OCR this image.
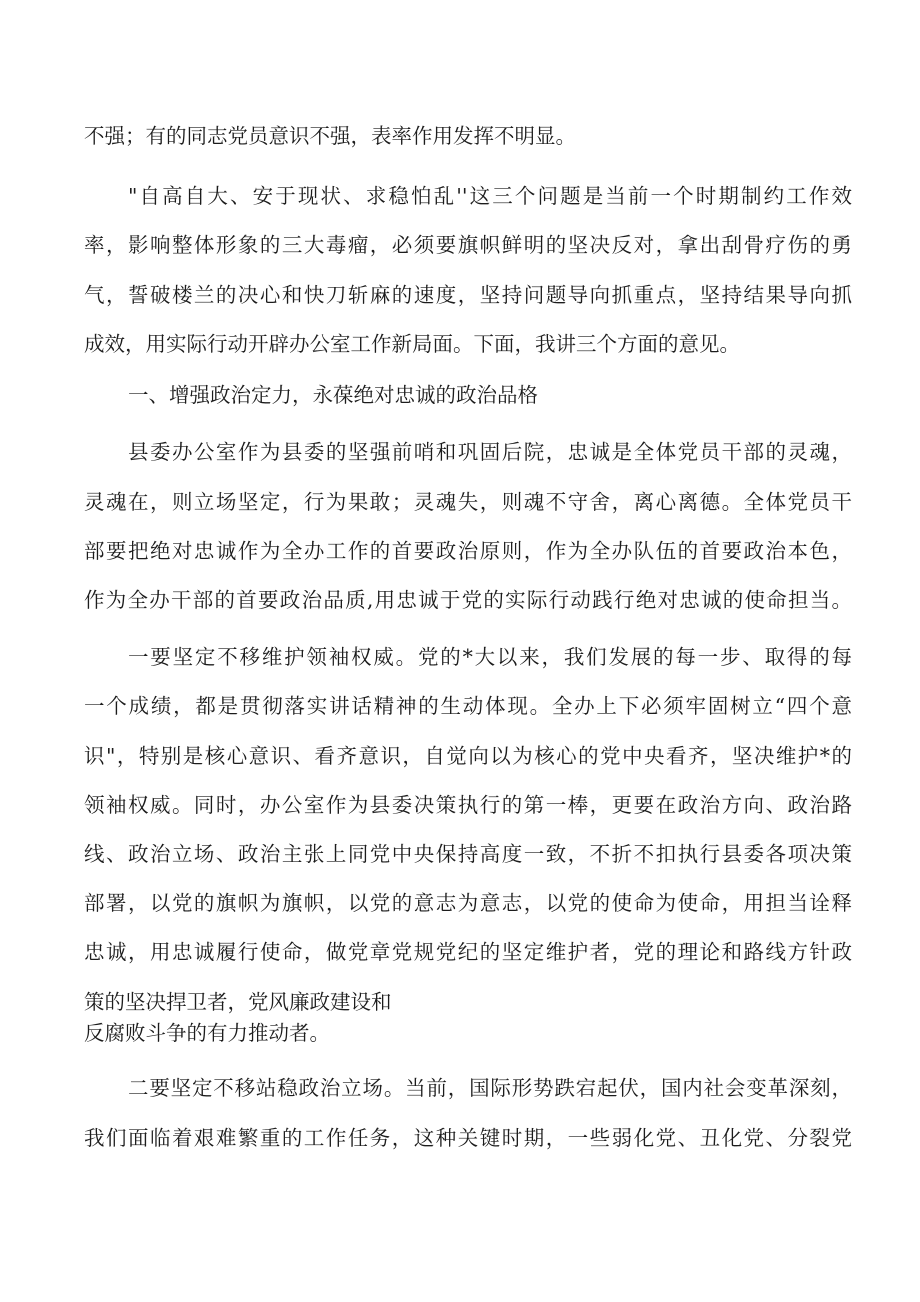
不强；有的同志党员意识不强，表率作用发挥不明显。
"自高自大、安于现状、求稳怕乱''这三个问题是当前一个时期制约工作效
率，影响整体形象的三大毒瘤，必须要旗帜鲜明的坚决反对，拿出刮骨疗伤的勇
气，誓破楼兰的决心和快刀斩麻的速度，坚持问题导向抓重点，坚持结果导向抓
成效，用实际行动开辟办公室工作新局面。下面，我讲三个方面的意见。
一、增强政治定力，永葆绝对忠诚的政治品格
县委办公室作为县委的坚强前哨和巩固后院，忠诚是全体党员干部的灵魂，
灵魂在，则立场坚定，行为果敢；灵魂失，则魂不守舍，离心离德。全体党员干
部要把绝对忠诚作为全办工作的首要政治原则，作为全办队伍的首要政治本色，
作为全办干部的首要政治品质,用忠诚于党的实际行动践行绝对忠诚的使命担当。
一要坚定不移维护领袖权威。党的*大以来，我们发展的每一步、取得的每
一个成绩，都是贯彻落实讲话精神的生动体现。全办上下必须牢固树立“四个意
识"，特别是核心意识、看齐意识，自觉向以为核心的党中央看齐，坚决维护*的
领袖权威。同时，办公室作为县委决策执行的第一棒，更要在政治方向、政治路
线、政治立场、政治主张上同党中央保持高度一致，不折不扣执行县委各项决策
部署，以党的旗帜为旗帜，以党的意志为意志，以党的使命为使命，用担当诠释
忠诚，用忠诚履行使命，做党章党规党纪的坚定维护者，党的理论和路线方针政
策的坚决捍卫者，党风廉政建设和
反腐败斗争的有力推动者。
二要坚定不移站稳政治立场。当前，国际形势跌宕起伏，国内社会变革深刻，
我们面临着艰难繁重的工作任务，这种关键时期，一些弱化党、丑化党、分裂党
